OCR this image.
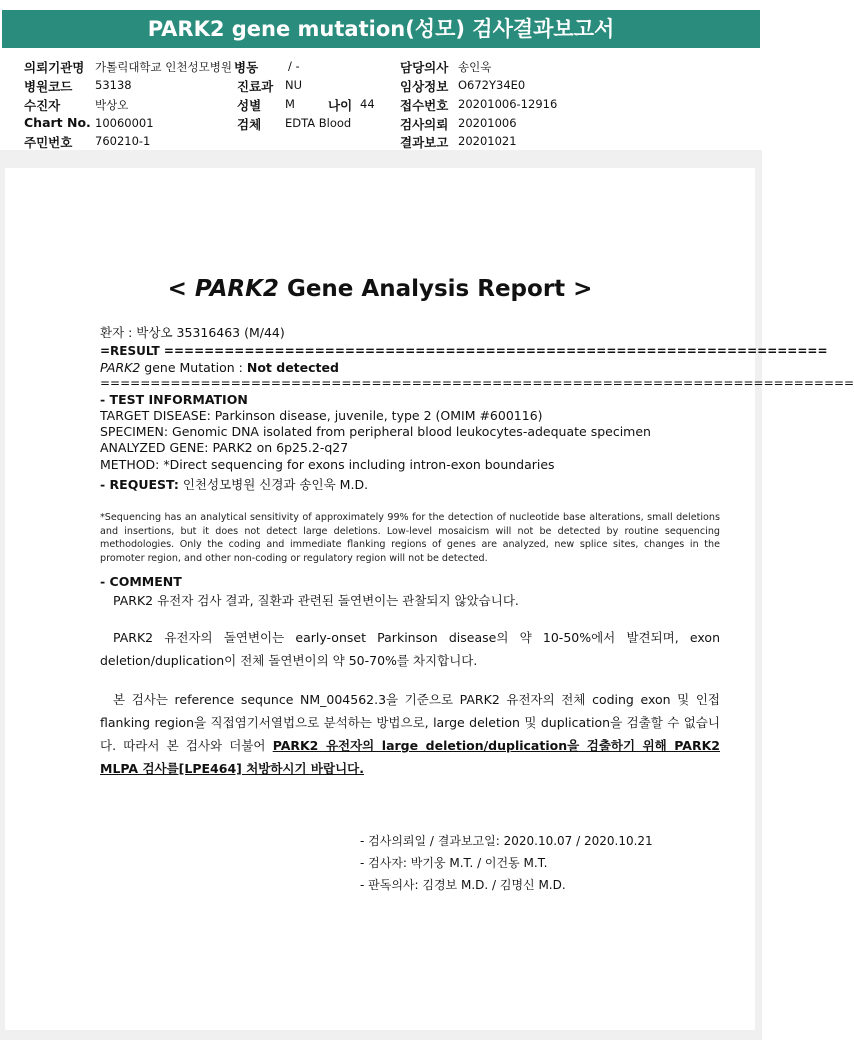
PARK2 gene mutation(성모) 검사결과보고서
의뢰기관명 가톨릭대학교 인천성모병원
병원코드 53138
수진자	박상오
Chart No. 10060001
주민번호 760210-1
병동	/ -
진료과 NU
성별 M	나이 44
검체 EDTA Blood
담당의사 송인욱
임상정보 O672Y34E0
접수번호 20201006-12916
검사의뢰 20201006
결과보고 20201021
< PARK2 Gene Analysis Report >
환자 : 박상오 35316463 (M/44)
=RESULT ==================================================================
PARK2 gene Mutation : Not detected
===========================================================================
- TEST INFORMATION
TARGET DISEASE: Parkinson disease, juvenile, type 2 (OMIM #600116)
SPECIMEN: Genomic DNA isolated from peripheral blood leukocytes-adequate specimen
ANALYZED GENE: PARK2 on 6p25.2-q27
METHOD: *Direct sequencing for exons including intron-exon boundaries
- REQUEST: 인천성모병원 신경과 송인욱 M.D.
*Sequencing has an analytical sensitivity of approximately 99% for the detection of nucleotide base alterations, small deletions and insertions, but it does not detect large deletions. Low-level mosaicism will not be detected by routine sequencing methodologies. Only the coding and immediate flanking regions of genes are analyzed, new splice sites, changes in the promoter region, and other non-coding or regulatory region will not be detected.
- COMMENT
PARK2 유전자 검사 결과, 질환과 관련된 돌연변이는 관찰되지 않았습니다.
PARK2 유전자의 돌연변이는 early-onset Parkinson disease의 약 10-50%에서 발견되며, exon deletion/duplication이 전체 돌연변이의 약 50-70%를 차지합니다.
본 검사는 reference sequnce NM_004562.3을 기준으로 PARK2 유전자의 전체 coding exon 및 인접 flanking region을 직접염기서열법으로 분석하는 방법으로, large deletion 및 duplication을 검출할 수 없습니다. 따라서 본 검사와 더불어 PARK2 유전자의 large deletion/duplication을 검출하기 위해 PARK2 MLPA 검사를[LPE464] 처방하시기 바랍니다.
- 검사의뢰일 / 결과보고일: 2020.10.07 / 2020.10.21
- 검사자: 박기웅 M.T. / 이건동 M.T.
- 판독의사: 김경보 M.D. / 김명신 M.D.
